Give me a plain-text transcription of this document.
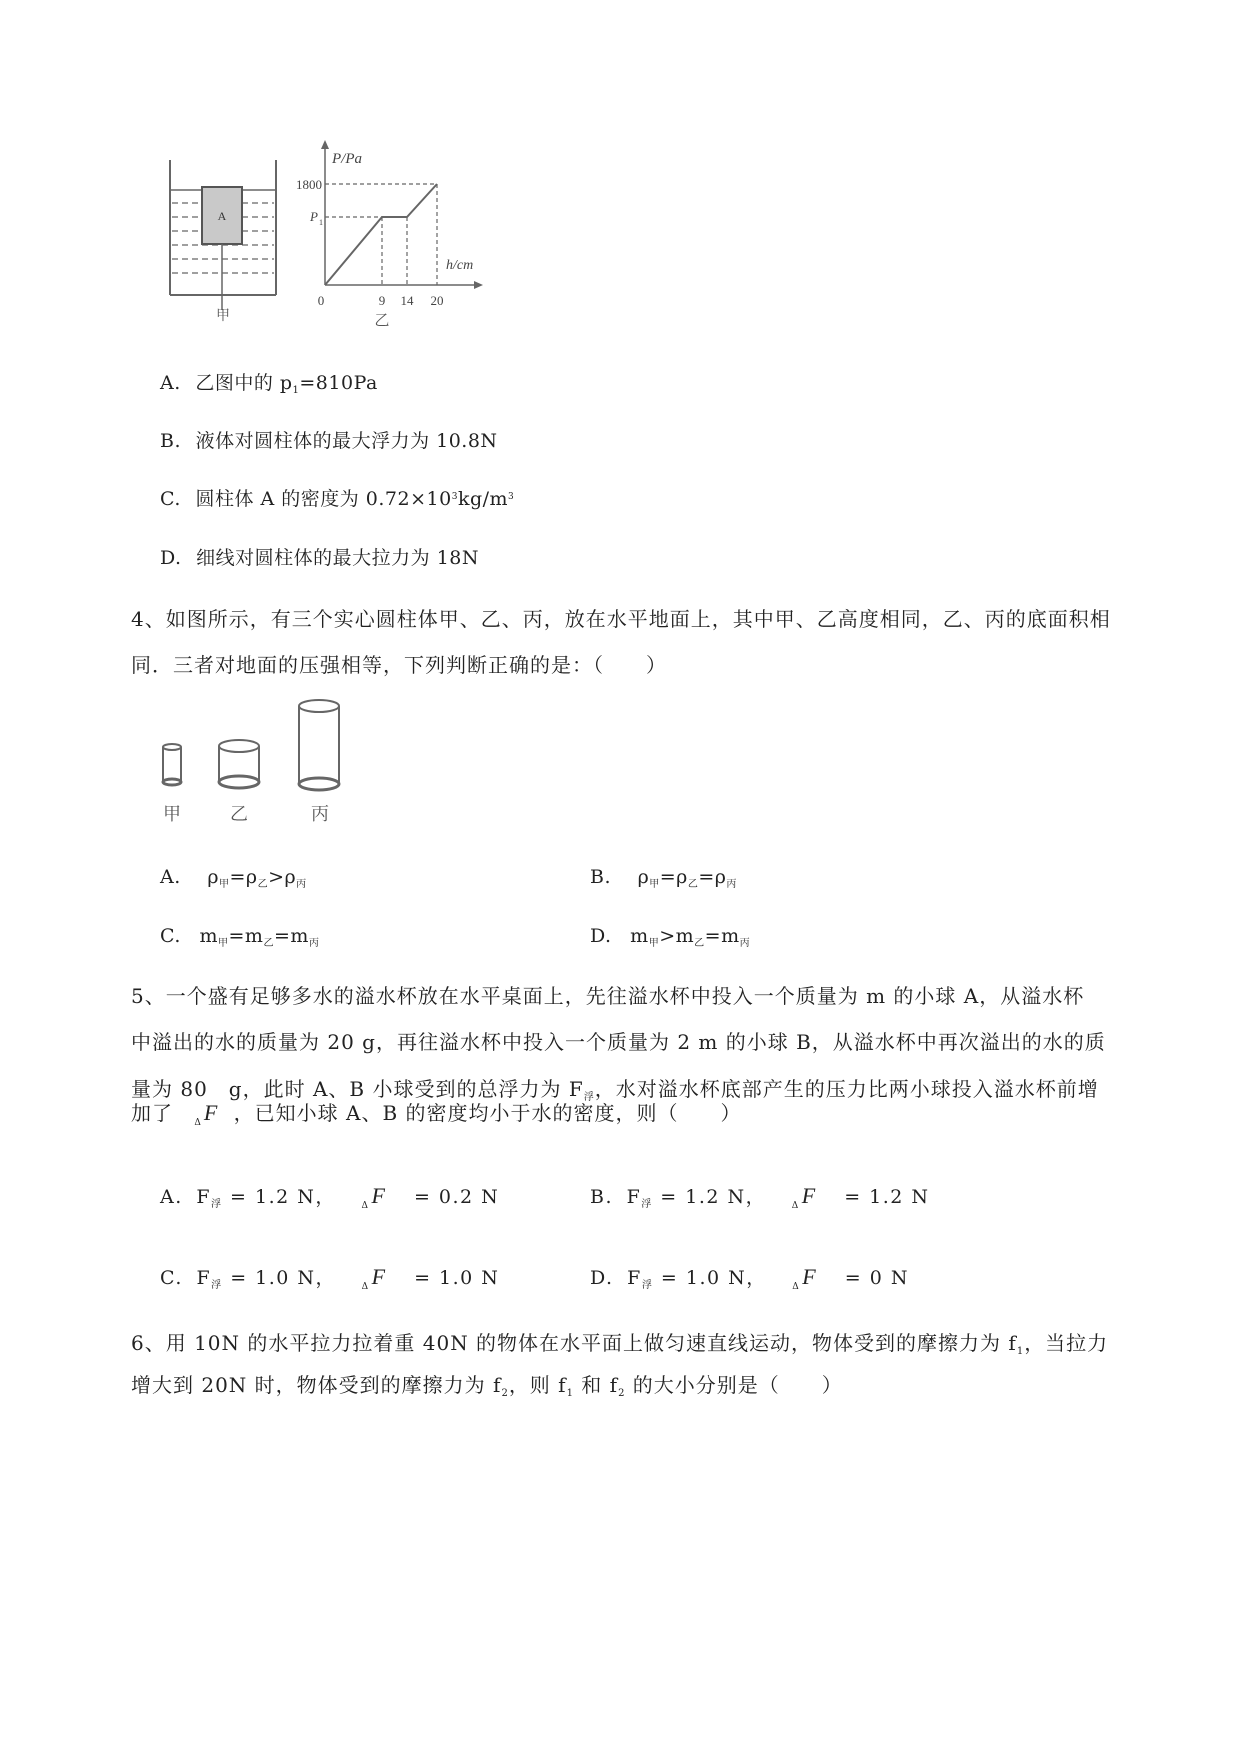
A
甲
P/Pa
h/cm
1800
P 1
0	9 14 20
乙
A. 乙图中的 $p_1=810Pa$
B. 液体对圆柱体的最大浮力为 10.8N
C. 圆柱体 A 的密度为 $0.72\times 10^3kg/m^3$
D. 细线对圆柱体的最大拉力为 18N
4、如图所示，有三个实心圆柱体甲、乙、丙，放在水平地面上，其中甲、乙高度相同，乙、丙的底面积相同．三者对地面的压强相等，下列判断正确的是：（　　）
甲	乙	丙
A. $\rho_甲=\rho_乙>\rho_丙$	B. $\rho_甲=\rho_乙=\rho_丙$
C. $m_甲=m_乙=m_丙$	D. $m_甲>m_乙=m_丙$
5、一个盛有足够多水的溢水杯放在水平桌面上，先往溢水杯中投入一个质量为 m 的小球 A，从溢水杯
中溢出的水的质量为 20 g，再往溢水杯中投入一个质量为 2 m 的小球 B，从溢水杯中再次溢出的水的质
量为 80　g，此时 A、B 小球受到的总浮力为 $F_浮$，水对溢水杯底部产生的压力比两小球投入溢水杯前增
加了 $_\Delta$F ，已知小球 A、B 的密度均小于水的密度，则（　　）
A. $F_浮 = 1.2$ N，	$_\Delta$F = 0.2 N	B. $F_浮 = 1.2$ N，	$_\Delta$F = 1.2 N
C. $F_浮 = 1.0$ N，	$_\Delta$F = 1.0 N	D. $F_浮 = 1.0$ N，	$_\Delta$F = 0 N
6、用 10N 的水平拉力拉着重 40N 的物体在水平面上做匀速直线运动，物体受到的摩擦力为 $f_1$，当拉力
增大到 20N 时，物体受到的摩擦力为 $f_2$，则 $f_1$ 和 $f_2$ 的大小分别是（　　）
